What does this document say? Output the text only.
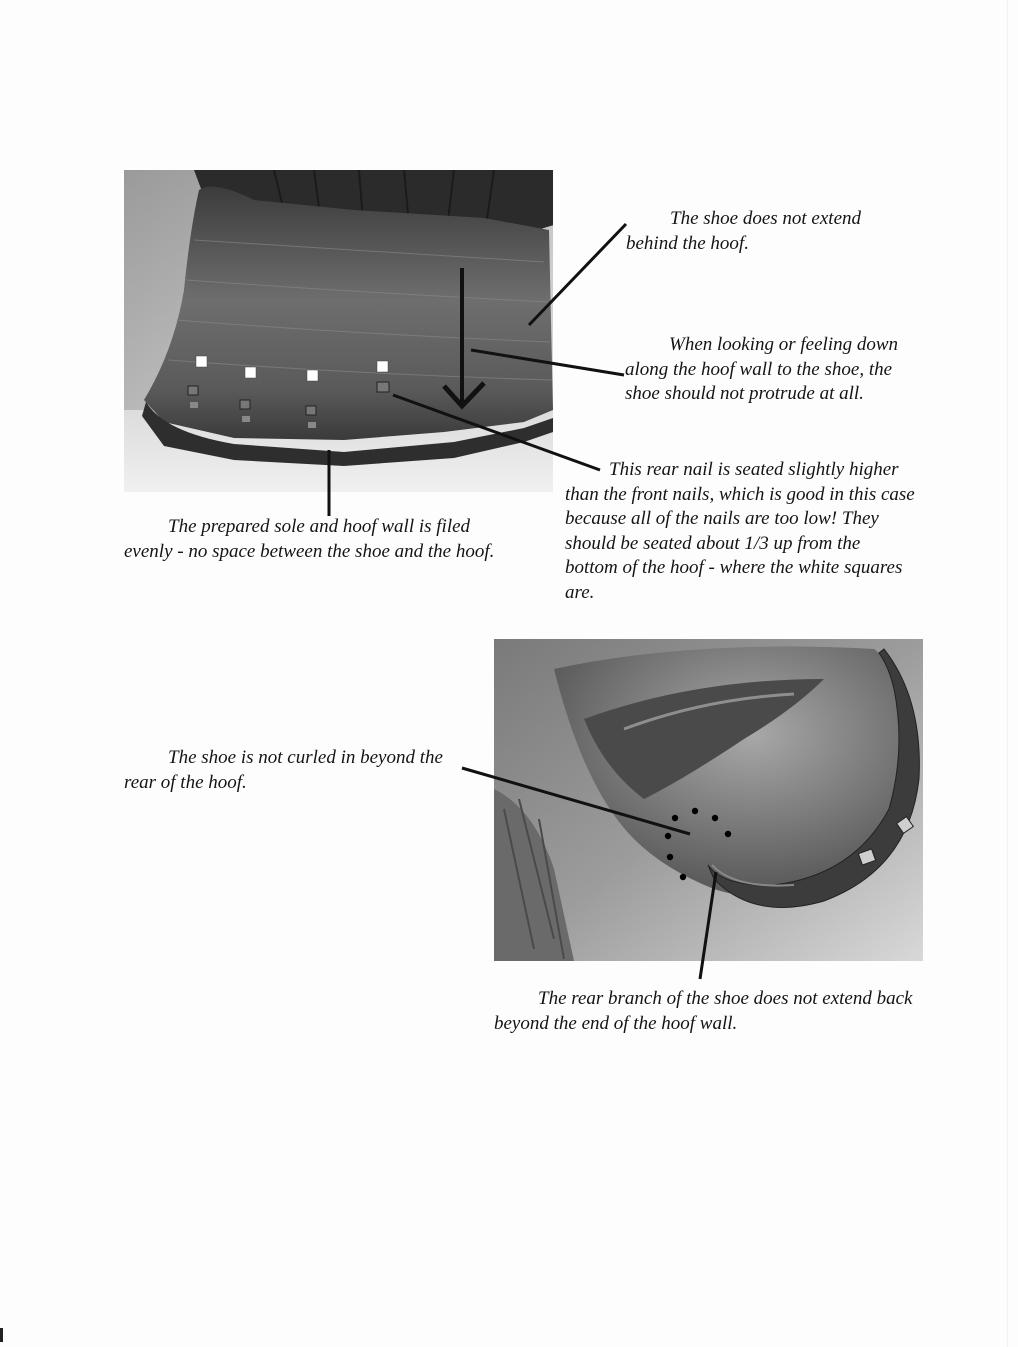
The shoe does not extend behind the hoof.

When looking or feeling down along the hoof wall to the shoe, the shoe should not protrude at all.

This rear nail is seated slightly higher than the front nails, which is good in this case because all of the nails are too low! They should be seated about 1/3 up from the bottom of the hoof - where the white squares are.

The prepared sole and hoof wall is filed evenly - no space between the shoe and the hoof.

The shoe is not curled in beyond the rear of the hoof.

The rear branch of the shoe does not extend back beyond the end of the hoof wall.
